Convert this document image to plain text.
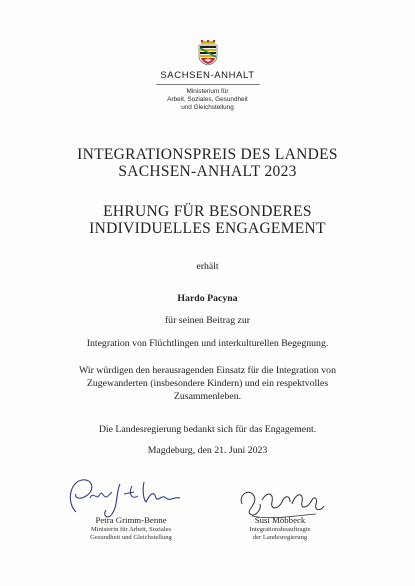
SACHSEN-ANHALT
Ministerium für
Arbeit, Soziales, Gesundheit
und Gleichstellung
INTEGRATIONSPREIS DES LANDES
SACHSEN-ANHALT 2023
EHRUNG FÜR BESONDERES
INDIVIDUELLES ENGAGEMENT
erhält
Hardo Pacyna
für seinen Beitrag zur
Integration von Flüchtlingen und interkulturellen Begegnung.
Wir würdigen den herausragenden Einsatz für die Integration von
Zugewanderten (insbesondere Kindern) und ein respektvolles
Zusammenleben.
Die Landesregierung bedankt sich für das Engagement.
Magdeburg, den 21. Juni 2023
Petra Grimm-Benne
Ministerin für Arbeit, Soziales
Gesundheit und Gleichstellung
Susi Möbbeck
Integrationsbeauftragte
der Landesregierung
